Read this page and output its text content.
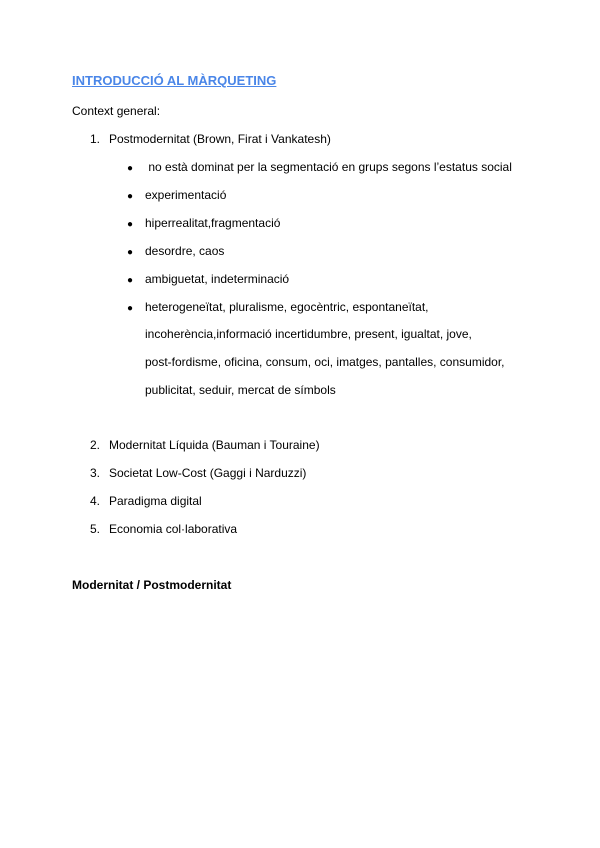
INTRODUCCIÓ AL MÀRQUETING
Context general:
1. Postmodernitat (Brown, Firat i Vankatesh)
● no està dominat per la segmentació en grups segons l’estatus social
● experimentació
● hiperrealitat,fragmentació
● desordre, caos
● ambiguetat, indeterminació
● heterogeneïtat, pluralisme, egocèntric, espontaneïtat,
incoherència,informació incertidumbre, present, igualtat, jove,
post-fordisme, oficina, consum, oci, imatges, pantalles, consumidor,
publicitat, seduir, mercat de símbols
2. Modernitat Líquida (Bauman i Touraine)
3. Societat Low-Cost (Gaggi i Narduzzi)
4. Paradigma digital
5. Economia col·laborativa
Modernitat / Postmodernitat
